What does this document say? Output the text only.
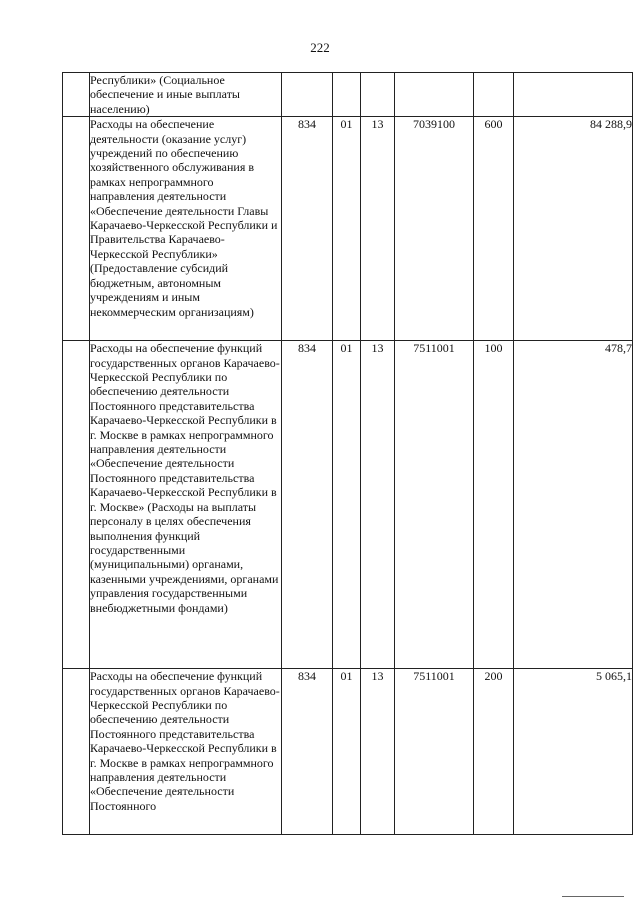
222
	Республики» (Социальное обеспечение и иные выплаты населению)						
	Расходы на обеспечение деятельности (оказание услуг) учреждений по обеспечению хозяйственного обслуживания в рамках непрограммного направления деятельности «Обеспечение деятельности Главы Карачаево-Черкесской Республики и Правительства Карачаево-Черкесской Республики» (Предоставление субсидий бюджетным, автономным учреждениям и иным некоммерческим организациям)	834	01	13	7039100	600	84 288,9
	Расходы на обеспечение функций государственных органов Карачаево-Черкесской Республики по обеспечению деятельности Постоянного представительства Карачаево-Черкесской Республики в г. Москве в рамках непрограммного направления деятельности «Обеспечение деятельности Постоянного представительства Карачаево-Черкесской Республики в г. Москве» (Расходы на выплаты персоналу в целях обеспечения выполнения функций государственными (муниципальными) органами, казенными учреждениями, органами управления государственными внебюджетными фондами)	834	01	13	7511001	100	478,7
	Расходы на обеспечение функций государственных органов Карачаево-Черкесской Республики по обеспечению деятельности Постоянного представительства Карачаево-Черкесской Республики в г. Москве в рамках непрограммного направления деятельности «Обеспечение деятельности Постоянного	834	01	13	7511001	200	5 065,1
